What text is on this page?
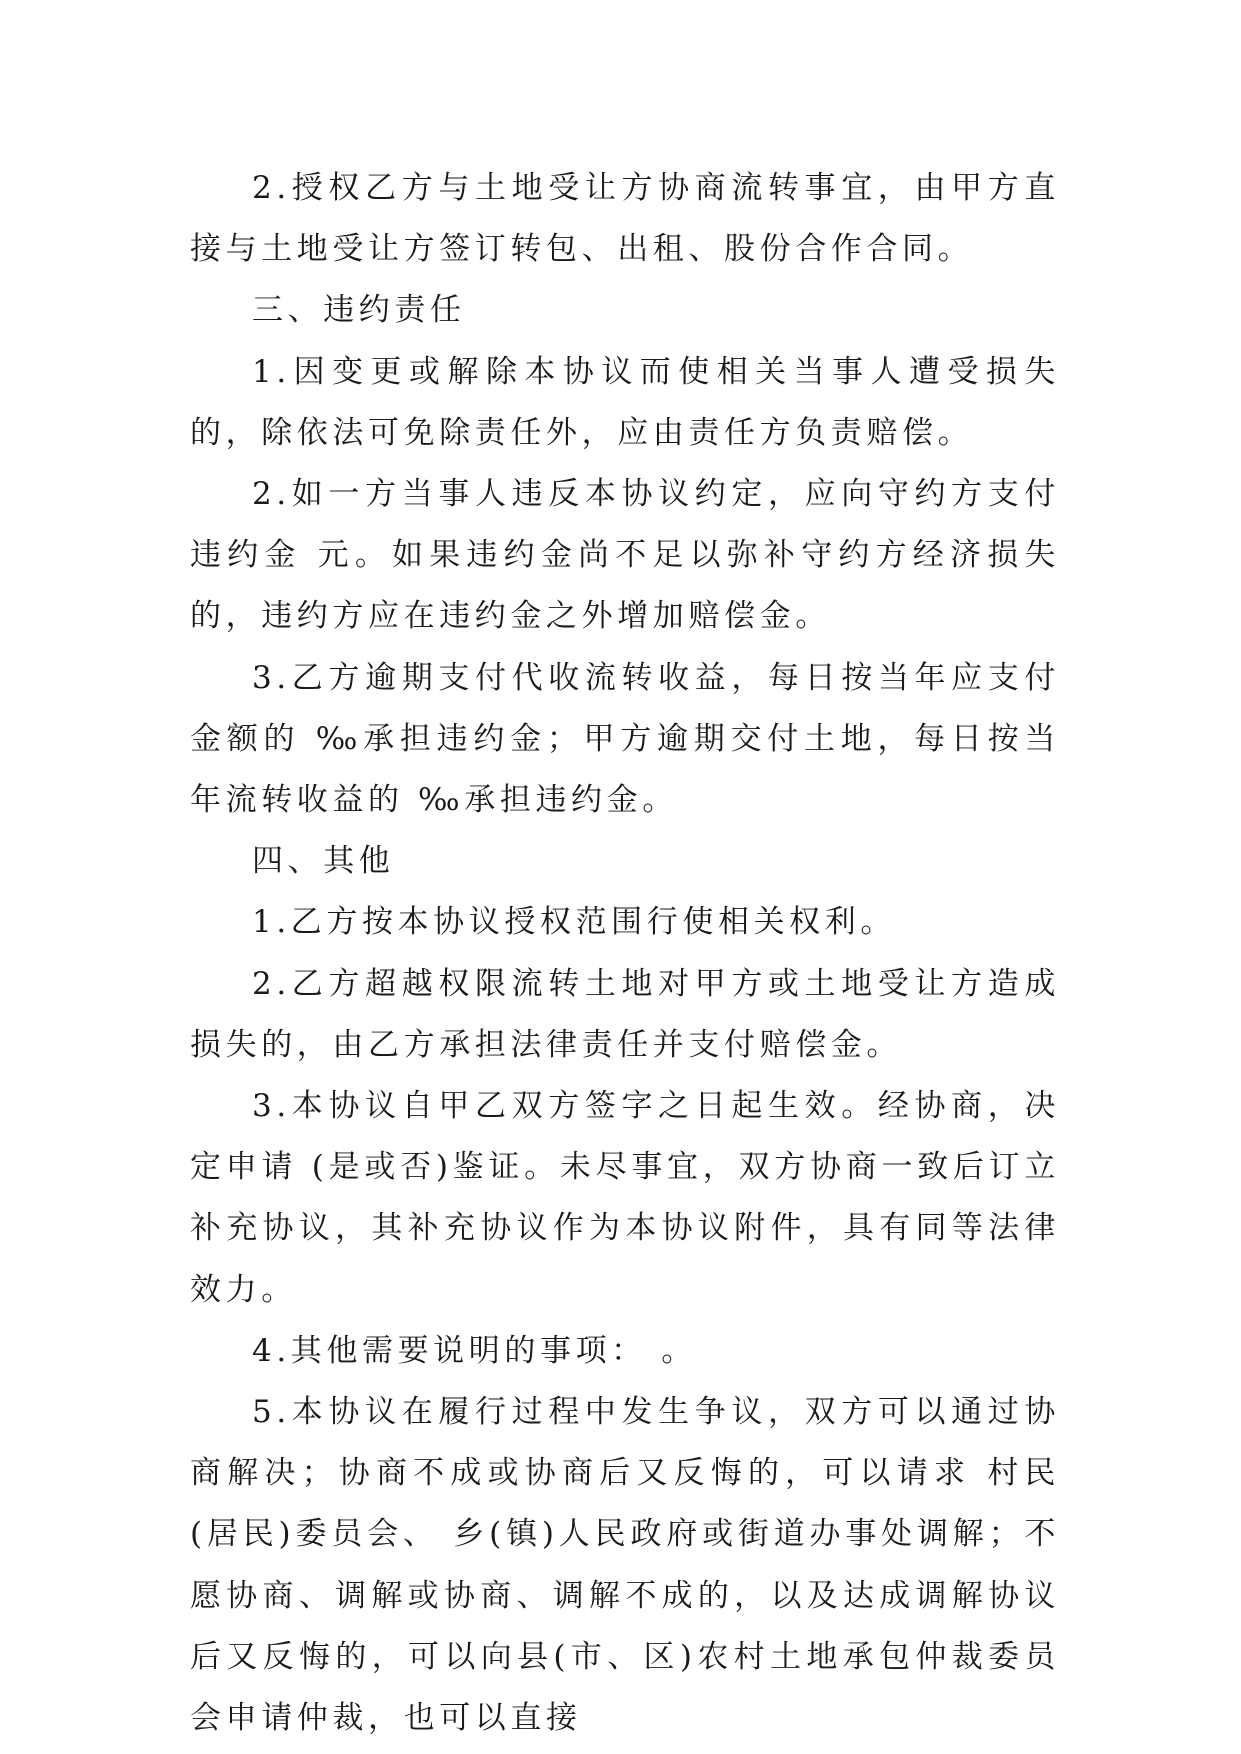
2.授权乙方与土地受让方协商流转事宜，由甲方直接与土地受让方签订转包、出租、股份合作合同。

三、违约责任

1.因变更或解除本协议而使相关当事人遭受损失的，除依法可免除责任外，应由责任方负责赔偿。

2.如一方当事人违反本协议约定，应向守约方支付违约金 元。如果违约金尚不足以弥补守约方经济损失的，违约方应在违约金之外增加赔偿金。

3.乙方逾期支付代收流转收益，每日按当年应支付金额的 ‰承担违约金；甲方逾期交付土地，每日按当年流转收益的 ‰承担违约金。

四、其他

1.乙方按本协议授权范围行使相关权利。

2.乙方超越权限流转土地对甲方或土地受让方造成损失的，由乙方承担法律责任并支付赔偿金。

3.本协议自甲乙双方签字之日起生效。经协商，决定申请 (是或否)鉴证。未尽事宜，双方协商一致后订立补充协议，其补充协议作为本协议附件，具有同等法律效力。

4.其他需要说明的事项： 。

5.本协议在履行过程中发生争议，双方可以通过协商解决；协商不成或协商后又反悔的，可以请求 村民(居民)委员会、 乡(镇)人民政府或街道办事处调解；不愿协商、调解或协商、调解不成的，以及达成调解协议后又反悔的，可以向县(市、区)农村土地承包仲裁委员会申请仲裁，也可以直接
